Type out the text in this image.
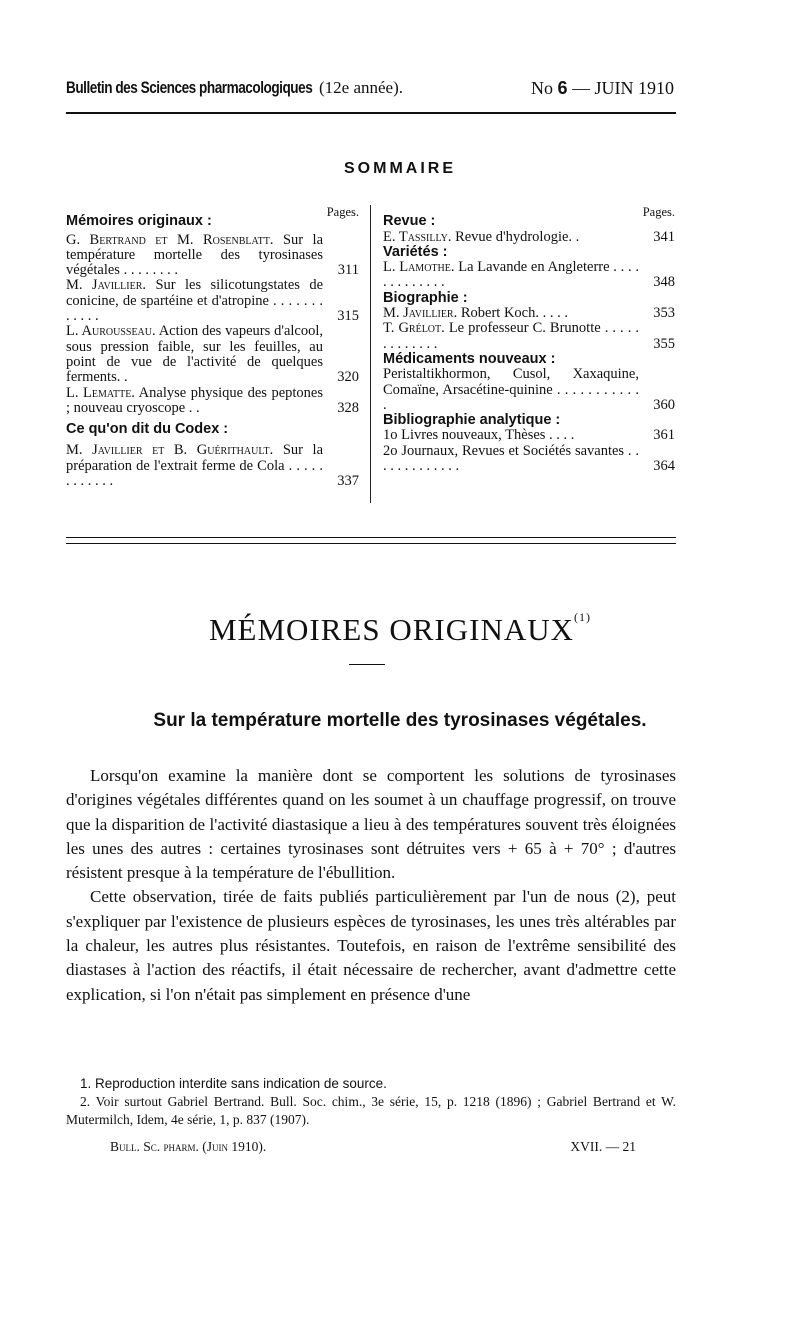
Bulletin des Sciences pharmacologiques (12e année).	No 6 — JUIN 1910
SOMMAIRE
Pages.
Mémoires originaux :
G. Bertrand et M. Rosenblatt. Sur la température mortelle des tyrosinases végétales . . . . . . . .	311
M. Javillier. Sur les silicotungstates de conicine, de spartéine et d'atropine . . . . . . . . . . . .	315
L. Aurousseau. Action des vapeurs d'alcool, sous pression faible, sur les feuilles, au point de vue de l'activité de quelques ferments. .	320
L. Lematte. Analyse physique des peptones ; nouveau cryoscope . .	328
Ce qu'on dit du Codex :
M. Javillier et B. Guérithault. Sur la préparation de l'extrait ferme de Cola . . . . . . . . . . . .	337
Pages.
Revue :
E. Tassilly. Revue d'hydrologie. .	341
Variétés :
L. Lamothe. La Lavande en Angleterre . . . . . . . . . . . . .	348
Biographie :
M. Javillier. Robert Koch. . . . .	353
T. Grélot. Le professeur C. Brunotte . . . . . . . . . . . . .	355
Médicaments nouveaux :
Peristaltikhormon, Cusol, Xaxaquine, Comaïne, Arsacétine-quinine . . . . . . . . . . . .	360
Bibliographie analytique :
1o Livres nouveaux, Thèses . . . .	361
2o Journaux, Revues et Sociétés savantes . . . . . . . . . . . . .	364
MÉMOIRES ORIGINAUX$^{(1)}$
Sur la température mortelle des tyrosinases végétales.

Lorsqu'on examine la manière dont se comportent les solutions de tyrosinases d'origines végétales différentes quand on les soumet à un chauffage progressif, on trouve que la disparition de l'activité diastasique a lieu à des températures souvent très éloignées les unes des autres : certaines tyrosinases sont détruites vers + 65 à + 70° ; d'autres résistent presque à la température de l'ébullition.

Cette observation, tirée de faits publiés particulièrement par l'un de nous (2), peut s'expliquer par l'existence de plusieurs espèces de tyrosinases, les unes très altérables par la chaleur, les autres plus résistantes. Toutefois, en raison de l'extrême sensibilité des diastases à l'action des réactifs, il était nécessaire de rechercher, avant d'admettre cette explication, si l'on n'était pas simplement en présence d'une

1. Reproduction interdite sans indication de source.
2. Voir surtout Gabriel Bertrand. Bull. Soc. chim., 3e série, 15, p. 1218 (1896) ; Gabriel Bertrand et W. Mutermilch, Idem, 4e série, 1, p. 837 (1907).
Bull. Sc. pharm. (Juin 1910).	XVII. — 21
